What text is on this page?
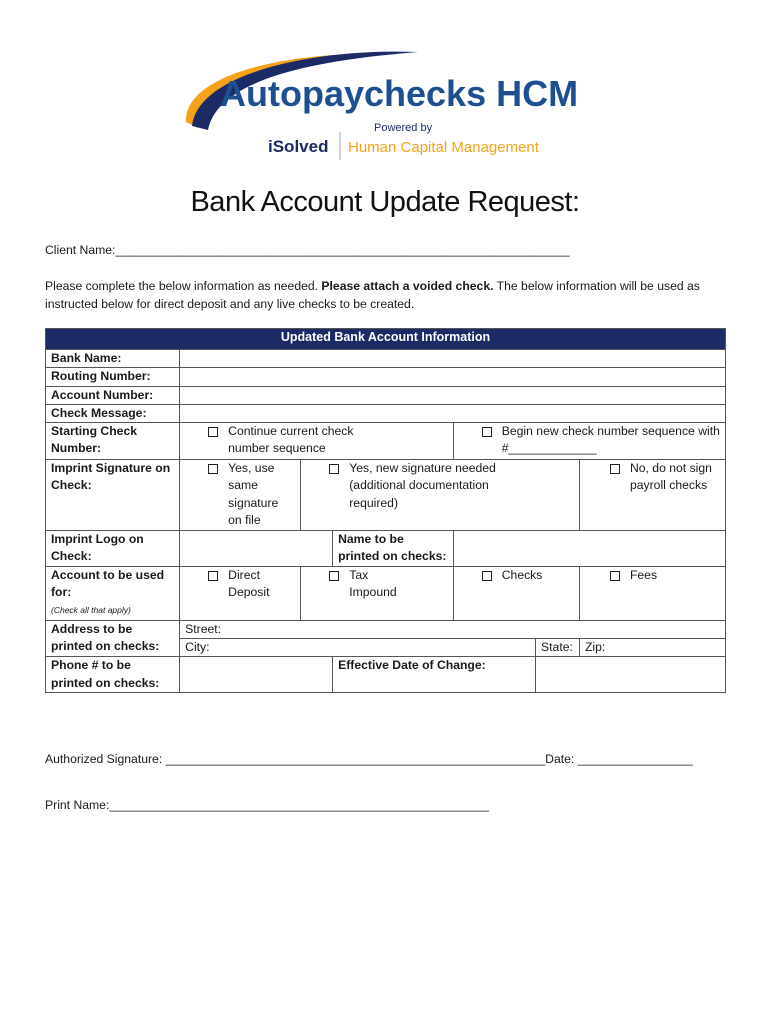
Autopaychecks HCM
Powered by
iSolved Human Capital Management
Bank Account Update Request:
Client Name:___________________________________________________________________
Please complete the below information as needed. Please attach a voided check. The below information will be used as instructed below for direct deposit and any live checks to be created.
Updated Bank Account Information						
Bank Name:						
Routing Number:						
Account Number:						
Check Message:						
Starting Check Number:	Continue current check number sequence			Begin new check number sequence with #_____________		

Imprint Signature on Check:	Yes, use same signature on file	Yes, new signature needed (additional documentation required)				No, do not sign payroll checks

Imprint Logo on Check:			Name to be printed on checks:			
Account to be used for:
(Check all that apply)	Direct Deposit	Tax Impound		Checks		Fees

Address to be printed on checks:	Street:					
	City:				State:	Zip:
Phone # to be printed on checks:			Effective Date of Change:			
Authorized Signature: ________________________________________________________Date: _________________
Print Name:________________________________________________________
